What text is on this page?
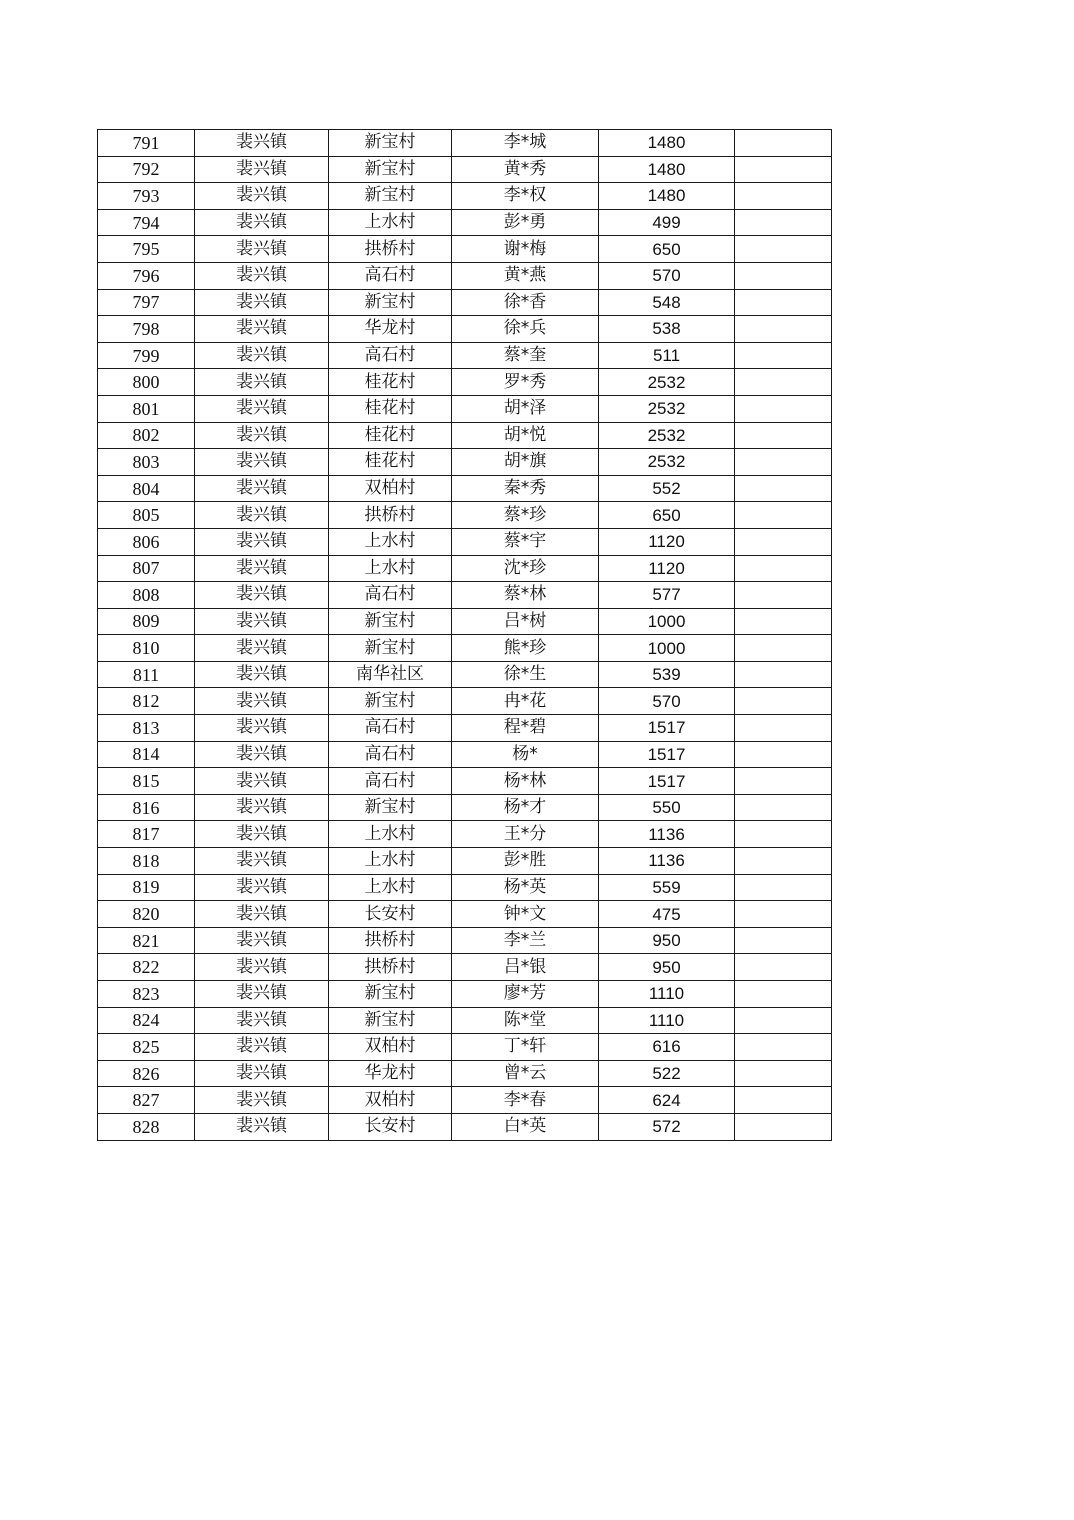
791	裴兴镇	新宝村	李*城	1480	
792	裴兴镇	新宝村	黄*秀	1480	
793	裴兴镇	新宝村	李*权	1480	
794	裴兴镇	上水村	彭*勇	499	
795	裴兴镇	拱桥村	谢*梅	650	
796	裴兴镇	高石村	黄*燕	570	
797	裴兴镇	新宝村	徐*香	548	
798	裴兴镇	华龙村	徐*兵	538	
799	裴兴镇	高石村	蔡*奎	511	
800	裴兴镇	桂花村	罗*秀	2532	
801	裴兴镇	桂花村	胡*泽	2532	
802	裴兴镇	桂花村	胡*悦	2532	
803	裴兴镇	桂花村	胡*旗	2532	
804	裴兴镇	双柏村	秦*秀	552	
805	裴兴镇	拱桥村	蔡*珍	650	
806	裴兴镇	上水村	蔡*宇	1120	
807	裴兴镇	上水村	沈*珍	1120	
808	裴兴镇	高石村	蔡*林	577	
809	裴兴镇	新宝村	吕*树	1000	
810	裴兴镇	新宝村	熊*珍	1000	
811	裴兴镇	南华社区	徐*生	539	
812	裴兴镇	新宝村	冉*花	570	
813	裴兴镇	高石村	程*碧	1517	
814	裴兴镇	高石村	杨*	1517	
815	裴兴镇	高石村	杨*林	1517	
816	裴兴镇	新宝村	杨*才	550	
817	裴兴镇	上水村	王*分	1136	
818	裴兴镇	上水村	彭*胜	1136	
819	裴兴镇	上水村	杨*英	559	
820	裴兴镇	长安村	钟*文	475	
821	裴兴镇	拱桥村	李*兰	950	
822	裴兴镇	拱桥村	吕*银	950	
823	裴兴镇	新宝村	廖*芳	1110	
824	裴兴镇	新宝村	陈*堂	1110	
825	裴兴镇	双柏村	丁*轩	616	
826	裴兴镇	华龙村	曾*云	522	
827	裴兴镇	双柏村	李*春	624	
828	裴兴镇	长安村	白*英	572	
